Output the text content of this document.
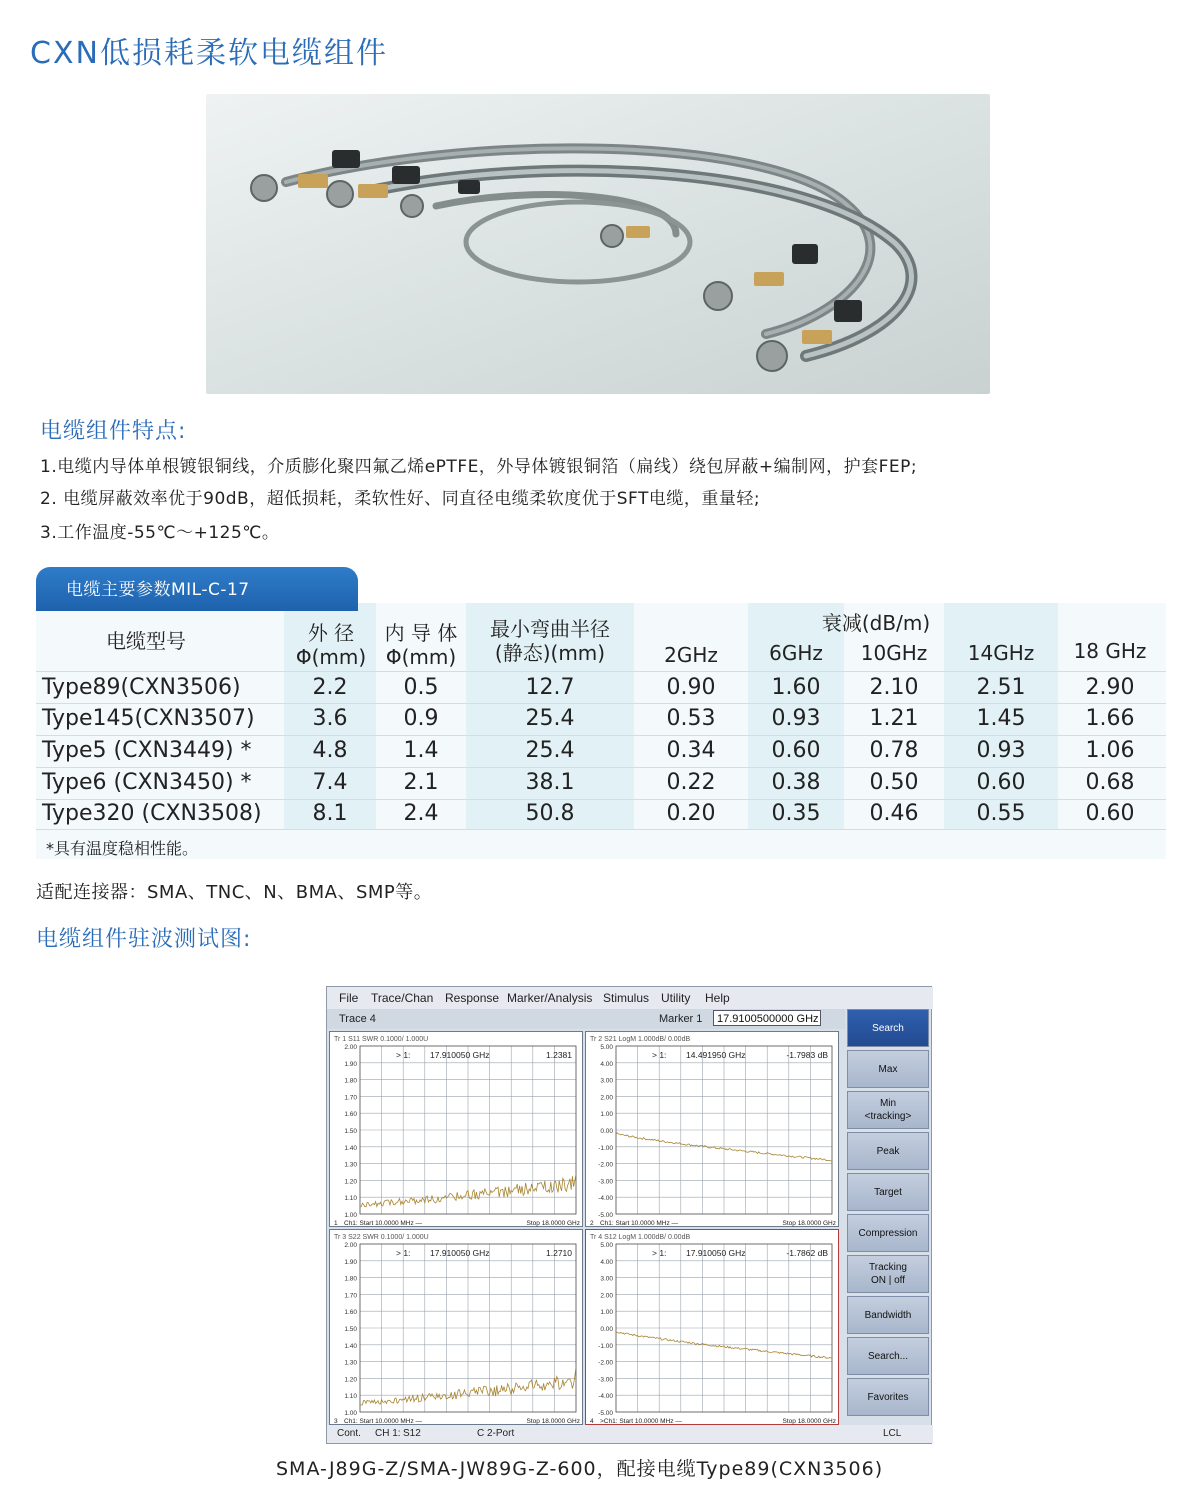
CXN低损耗柔软电缆组件
电缆组件特点:
1.电缆内导体单根镀银铜线，介质膨化聚四氟乙烯ePTFE，外导体镀银铜箔（扁线）绕包屏蔽+编制网，护套FEP;
2. 电缆屏蔽效率优于90dB，超低损耗，柔软性好、同直径电缆柔软度优于SFT电缆，重量轻;
3.工作温度-55℃～+125℃。
电缆型号	外 径
Φ(mm)
内 导 体
Φ(mm)
最小弯曲半径
(静态)(mm)
衰减(dB/m)
2GHz	6GHz	10GHz	14GHz	18 GHz
Type89(CXN3506)	2.2	0.5	12.7	0.90	1.60	2.10	2.51	2.90
Type145(CXN3507)	3.6	0.9	25.4	0.53	0.93	1.21	1.45	1.66
Type5 (CXN3449) *	4.8	1.4	25.4	0.34	0.60	0.78	0.93	1.06
Type6 (CXN3450) *	7.4	2.1	38.1	0.22	0.38	0.50	0.60	0.68
Type320 (CXN3508)	8.1	2.4	50.8	0.20	0.35	0.46	0.55	0.60
*具有温度稳相性能。
电缆主要参数MIL-C-17
适配连接器：SMA、TNC、N、BMA、SMP等。
电缆组件驻波测试图:
File Trace/Chan Response Marker/Analysis Stimulus Utility Help
Trace 4	Marker 1	17.9100500000 GHz
Tr 1 S11 SWR 0.1000/ 1.000U
2.00
1.90
1.80
1.70
1.60
1.50
1.40
1.30
1.20
1.10
1.00
> 1: 17.910050 GHz	1.2381
1 Ch1: Start 10.0000 MHz —	Stop 18.0000 GHz
Tr 2 S21 LogM 1.000dB/ 0.00dB
5.00
4.00
3.00
2.00
1.00
0.00
-1.00
-2.00
-3.00
-4.00
-5.00
> 1: 14.491950 GHz	-1.7983 dB
2 Ch1: Start 10.0000 MHz —	Stop 18.0000 GHz
Tr 3 S22 SWR 0.1000/ 1.000U
2.00
1.90
1.80
1.70
1.60
1.50
1.40
1.30
1.20
1.10
1.00
> 1: 17.910050 GHz	1.2710
3 Ch1: Start 10.0000 MHz —	Stop 18.0000 GHz
Tr 4 S12 LogM 1.000dB/ 0.00dB
5.00
4.00
3.00
2.00
1.00
0.00
-1.00
-2.00
-3.00
-4.00
-5.00
> 1: 17.910050 GHz	-1.7862 dB
4 >Ch1: Start 10.0000 MHz —	Stop 18.0000 GHz
Search
Max
Min
<tracking>
Peak
Target
Compression
Tracking
ON | off
Bandwidth
Search...
Favorites
Cont. CH 1: S12	C 2-Port	LCL
SMA-J89G-Z/SMA-JW89G-Z-600，配接电缆Type89(CXN3506)
